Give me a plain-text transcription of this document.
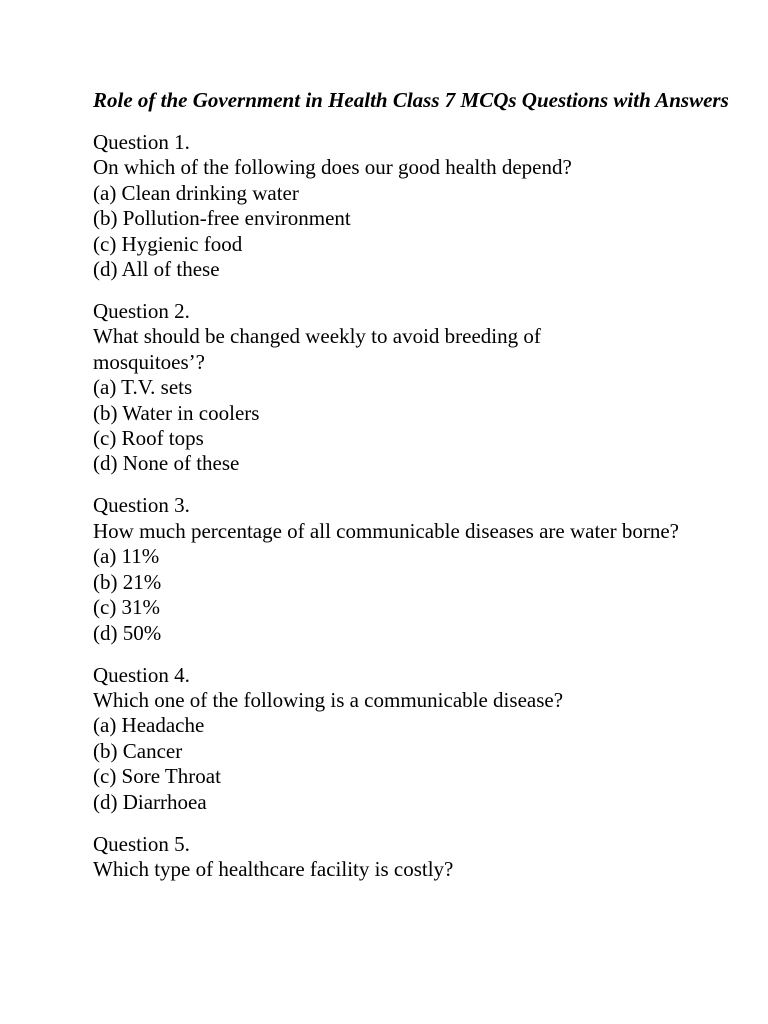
Role of the Government in Health Class 7 MCQs Questions with Answers
Question 1.
On which of the following does our good health depend?
(a) Clean drinking water
(b) Pollution-free environment
(c) Hygienic food
(d) All of these
Question 2.
What should be changed weekly to avoid breeding of mosquitoes’?
(a) T.V. sets
(b) Water in coolers
(c) Roof tops
(d) None of these
Question 3.
How much percentage of all communicable diseases are water borne?
(a) 11%
(b) 21%
(c) 31%
(d) 50%
Question 4.
Which one of the following is a communicable disease?
(a) Headache
(b) Cancer
(c) Sore Throat
(d) Diarrhoea
Question 5.
Which type of healthcare facility is costly?
